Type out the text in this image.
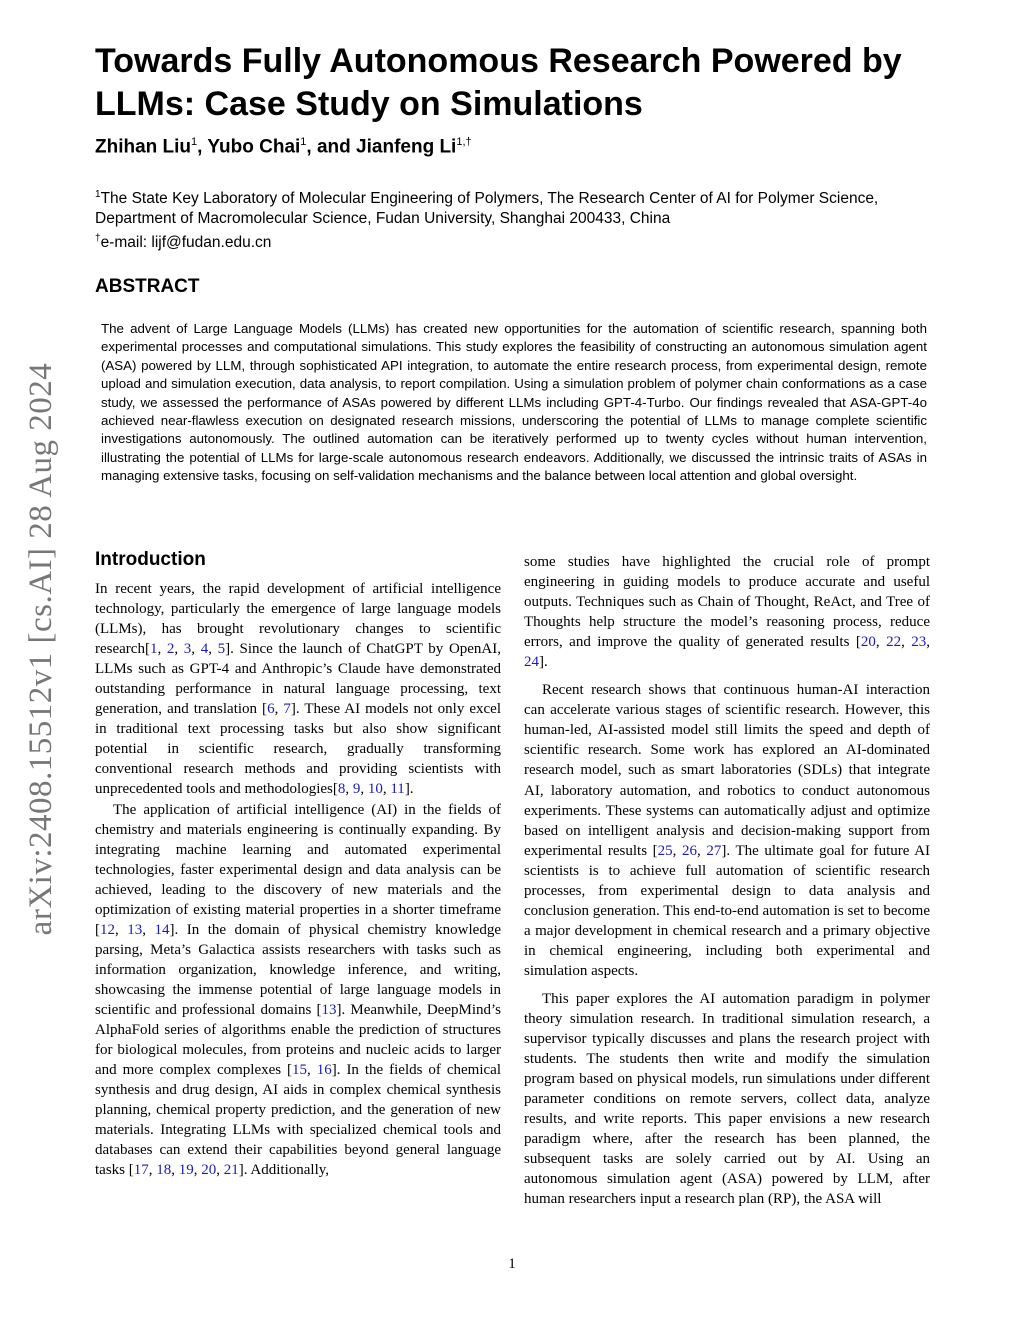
arXiv:2408.15512v1 [cs.AI] 28 Aug 2024
Towards Fully Autonomous Research Powered by LLMs: Case Study on Simulations
Zhihan Liu$^1$, Yubo Chai$^1$, and Jianfeng $Li^{1,\dagger}$
$^1$The State Key Laboratory of Molecular Engineering of Polymers, The Research Center of AI for Polymer Science,
Department of Macromolecular Science, Fudan University, Shanghai 200433, China
†e-mail: lijf@fudan.edu.cn
ABSTRACT

The advent of Large Language Models (LLMs) has created new opportunities for the automation of scientific research, spanning both experimental processes and computational simulations. This study explores the feasibility of constructing an autonomous simulation agent (ASA) powered by LLM, through sophisticated API integration, to automate the entire research process, from experimental design, remote upload and simulation execution, data analysis, to report compilation. Using a simulation problem of polymer chain conformations as a case study, we assessed the performance of ASAs powered by different LLMs including GPT-4-Turbo. Our findings revealed that ASA-GPT-4o achieved near-flawless execution on designated research missions, underscoring the potential of LLMs to manage complete scientific investigations autonomously. The outlined automation can be iteratively performed up to twenty cycles without human intervention, illustrating the potential of LLMs for large-scale autonomous research endeavors. Additionally, we discussed the intrinsic traits of ASAs in managing extensive tasks, focusing on self-validation mechanisms and the balance between local attention and global oversight.

Introduction

In recent years, the rapid development of artificial intelligence technology, particularly the emergence of large language models (LLMs), has brought revolutionary changes to scientific research[1, 2, 3, 4, 5]. Since the launch of ChatGPT by OpenAI, LLMs such as GPT-4 and Anthropic’s Claude have demonstrated outstanding performance in natural language processing, text generation, and translation [6, 7]. These AI models not only excel in traditional text processing tasks but also show significant potential in scientific research, gradually transforming conventional research methods and providing scientists with unprecedented tools and methodologies[8, 9, 10, 11].

The application of artificial intelligence (AI) in the fields of chemistry and materials engineering is continually expanding. By integrating machine learning and automated experimental technologies, faster experimental design and data analysis can be achieved, leading to the discovery of new materials and the optimization of existing material properties in a shorter timeframe [12, 13, 14]. In the domain of physical chemistry knowledge parsing, Meta’s Galactica assists researchers with tasks such as information organization, knowledge inference, and writing, showcasing the immense potential of large language models in scientific and professional domains [13]. Meanwhile, DeepMind’s AlphaFold series of algorithms enable the prediction of structures for biological molecules, from proteins and nucleic acids to larger and more complex complexes [15, 16]. In the fields of chemical synthesis and drug design, AI aids in complex chemical synthesis planning, chemical property prediction, and the generation of new materials. Integrating LLMs with specialized chemical tools and databases can extend their capabilities beyond general language tasks [17, 18, 19, 20, 21]. Additionally,

some studies have highlighted the crucial role of prompt engineering in guiding models to produce accurate and useful outputs. Techniques such as Chain of Thought, ReAct, and Tree of Thoughts help structure the model’s reasoning process, reduce errors, and improve the quality of generated results [20, 22, 23, 24].

Recent research shows that continuous human-AI interaction can accelerate various stages of scientific research. However, this human-led, AI-assisted model still limits the speed and depth of scientific research. Some work has explored an AI-dominated research model, such as smart laboratories (SDLs) that integrate AI, laboratory automation, and robotics to conduct autonomous experiments. These systems can automatically adjust and optimize based on intelligent analysis and decision-making support from experimental results [25, 26, 27]. The ultimate goal for future AI scientists is to achieve full automation of scientific research processes, from experimental design to data analysis and conclusion generation. This end-to-end automation is set to become a major development in chemical research and a primary objective in chemical engineering, including both experimental and simulation aspects.

This paper explores the AI automation paradigm in polymer theory simulation research. In traditional simulation research, a supervisor typically discusses and plans the research project with students. The students then write and modify the simulation program based on physical models, run simulations under different parameter conditions on remote servers, collect data, analyze results, and write reports. This paper envisions a new research paradigm where, after the research has been planned, the subsequent tasks are solely carried out by AI. Using an autonomous simulation agent (ASA) powered by LLM, after human researchers input a research plan (RP), the ASA will

1
